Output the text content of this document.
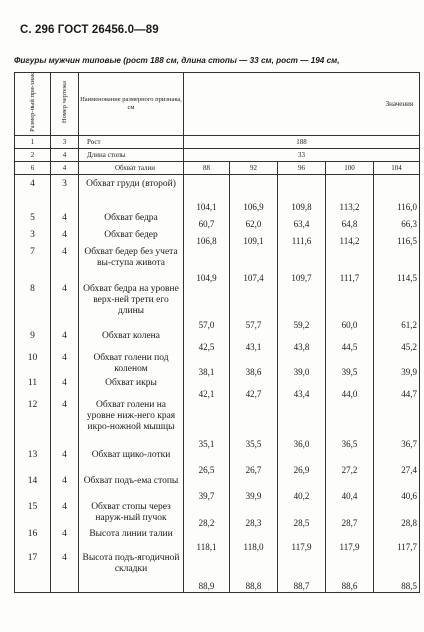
С. 296 ГОСТ 26456.0—89
Фигуры мужчин типовые (рост 188 см, длина стопы — 33 см, рост — 194 см,
Размер-ный при-знак	Номер чертежа	Наименование размерного признака, см	Значения				
1	3	Рост	188				
2	4	Длина стопы	33				
6	4	Обхват талии	88	92	96	100	104

4	3	Обхват груди (второй)	104,1	106,9	109,8	113,2	116,0
5	4	Обхват бедра	60,7	62,0	63,4	64,8	66,3
3	4	Обхват бедер	106,8	109,1	111,6	114,2	116,5
7	4	Обхват бедер без учета вы-ступа живота	104,9	107,4	109,7	111,7	114,5
8	4	Обхват бедра на уровне верх-ней трети его длины	57,0	57,7	59,2	60,0	61,2
9	4	Обхват колена	42,5	43,1	43,8	44,5	45,2
10	4	Обхват голени под коленом	38,1	38,6	39,0	39,5	39,9
11	4	Обхват икры	42,1	42,7	43,4	44,0	44,7
12	4	Обхват голени на уровне ниж-него края икро-ножной мышцы	35,1	35,5	36,0	36,5	36,7
13	4	Обхват щико-лотки	26,5	26,7	26,9	27,2	27,4
14	4	Обхват подъ-ема стопы	39,7	39,9	40,2	40,4	40,6
15	4	Обхват стопы через наруж-ный пучок	28,2	28,3	28,5	28,7	28,8
16	4	Высота линии талии	118,1	118,0	117,9	117,9	117,7
17	4	Высота подъ-ягодичной складки	88,9	88,8	88,7	88,6	88,5
